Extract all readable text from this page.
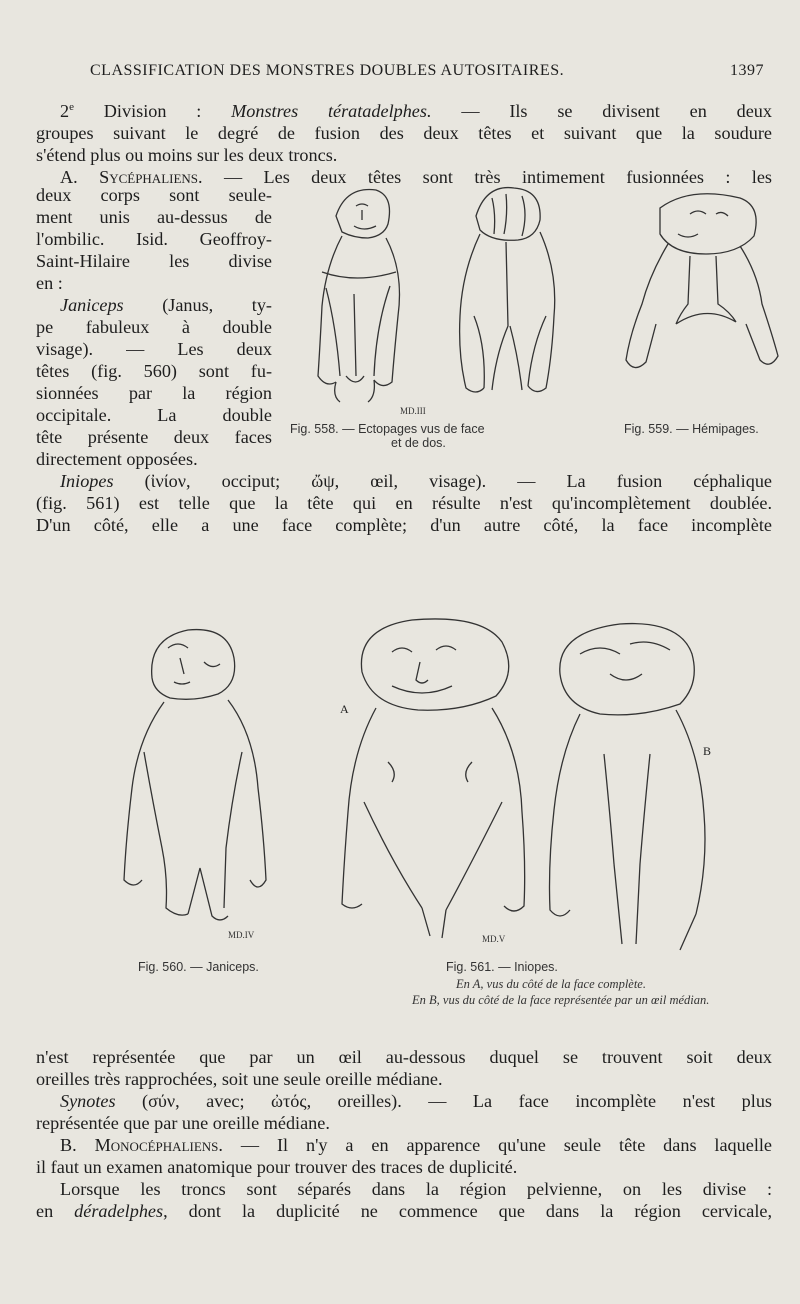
CLASSIFICATION DES MONSTRES DOUBLES AUTOSITAIRES.	1397
2e Division : Monstres tératadelphes. — Ils se divisent en deux
groupes suivant le degré de fusion des deux têtes et suivant que la soudure
s'étend plus ou moins sur les deux troncs.
A. Sycéphaliens. — Les deux têtes sont très intimement fusionnées : les
deux corps sont seule-
ment unis au-dessus de
l'ombilic. Isid. Geoffroy-
Saint-Hilaire les divise
en :
Janiceps (Janus, ty-
pe fabuleux à double
visage). — Les deux
têtes (fig. 560) sont fu-
sionnées par la région
occipitale. La double
tête présente deux faces
directement opposées.
Iniopes (ἰνίον, occiput; ὤψ, œil, visage). — La fusion céphalique
(fig. 561) est telle que la tête qui en résulte n'est qu'incomplètement doublée.
D'un côté, elle a une face complète; d'un autre côté, la face incomplète
MD.III
Fig. 558. — Ectopages vus de face
et de dos.
Fig. 559. — Hémipages.
MD.IV	MD.V
A
B
Fig. 560. — Janiceps.	Fig. 561. — Iniopes.
En A, vus du côté de la face complète.
En B, vus du côté de la face représentée par un œil médian.
n'est représentée que par un œil au-dessous duquel se trouvent soit deux
oreilles très rapprochées, soit une seule oreille médiane.
Synotes (σύν, avec; ὠτός, oreilles). — La face incomplète n'est plus
représentée que par une oreille médiane.
B. Monocéphaliens. — Il n'y a en apparence qu'une seule tête dans laquelle
il faut un examen anatomique pour trouver des traces de duplicité.
Lorsque les troncs sont séparés dans la région pelvienne, on les divise :
en déradelphes, dont la duplicité ne commence que dans la région cervicale,
